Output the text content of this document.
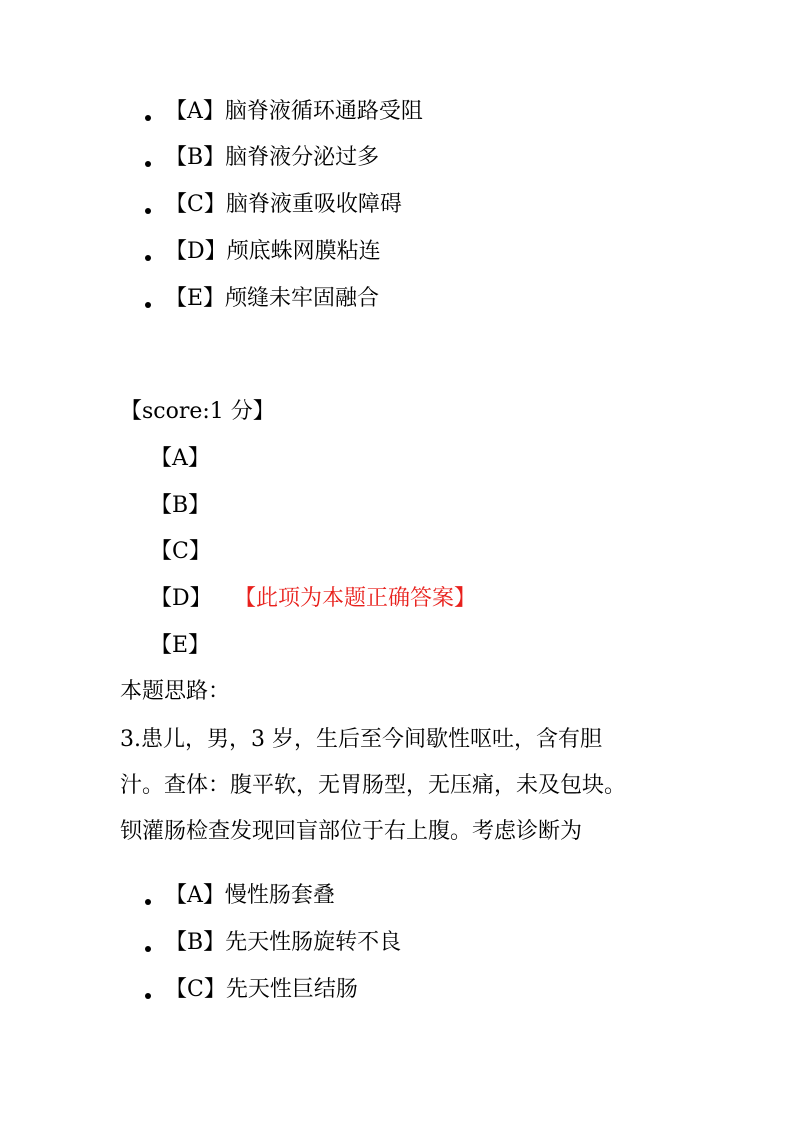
【A】脑脊液循环通路受阻
【B】脑脊液分泌过多
【C】脑脊液重吸收障碍
【D】颅底蛛网膜粘连
【E】颅缝未牢固融合
【score:1 分】
【A】
【B】
【C】
【D】 【此项为本题正确答案】
【E】
本题思路：
3.患儿，男，3 岁，生后至今间歇性呕吐，含有胆
汁。查体：腹平软，无胃肠型，无压痛，未及包块。
钡灌肠检查发现回盲部位于右上腹。考虑诊断为
【A】慢性肠套叠
【B】先天性肠旋转不良
【C】先天性巨结肠
